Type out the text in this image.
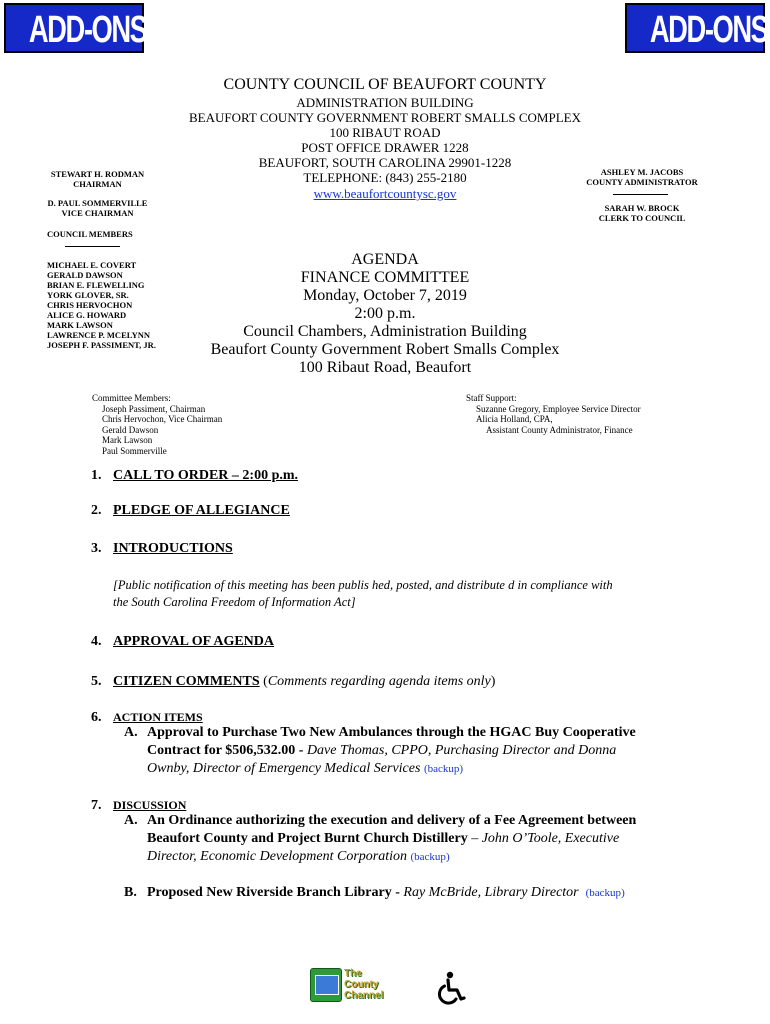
ADD-ONS	ADD-ONS
COUNTY COUNCIL OF BEAUFORT COUNTY
ADMINISTRATION BUILDING
BEAUFORT COUNTY GOVERNMENT ROBERT SMALLS COMPLEX
100 RIBAUT ROAD
POST OFFICE DRAWER 1228
BEAUFORT, SOUTH CAROLINA 29901-1228
TELEPHONE: (843) 255-2180
www.beaufortcountysc.gov
STEWART H. RODMAN
CHAIRMAN
D. PAUL SOMMERVILLE
VICE CHAIRMAN
COUNCIL MEMBERS
MICHAEL E. COVERT
GERALD DAWSON
BRIAN E. FLEWELLING
YORK GLOVER, SR.
CHRIS HERVOCHON
ALICE G. HOWARD
MARK LAWSON
LAWRENCE P. MCELYNN
JOSEPH F. PASSIMENT, JR.
ASHLEY M. JACOBS
COUNTY ADMINISTRATOR
SARAH W. BROCK
CLERK TO COUNCIL
AGENDA
FINANCE COMMITTEE
Monday, October 7, 2019
2:00 p.m.
Council Chambers, Administration Building
Beaufort County Government Robert Smalls Complex
100 Ribaut Road, Beaufort
Committee Members:
Joseph Passiment, Chairman
Chris Hervochon, Vice Chairman
Gerald Dawson
Mark Lawson
Paul Sommerville
Staff Support:
Suzanne Gregory, Employee Service Director
Alicia Holland, CPA,
Assistant County Administrator, Finance
1. CALL TO ORDER – 2:00 p.m.
2. PLEDGE OF ALLEGIANCE
3. INTRODUCTIONS
[Public notification of this meeting has been publis hed, posted, and distribute d in compliance with
the South Carolina Freedom of Information Act]
4. APPROVAL OF AGENDA
5. CITIZEN COMMENTS (Comments regarding agenda items only)
6. ACTION ITEMS
A. Approval to Purchase Two New Ambulances through the HGAC Buy Cooperative
Contract for $506,532.00 - Dave Thomas, CPPO, Purchasing Director and Donna
Ownby, Director of Emergency Medical Services (backup)
7. DISCUSSION
A. An Ordinance authorizing the execution and delivery of a Fee Agreement between
Beaufort County and Project Burnt Church Distillery – John O’Toole, Executive
Director, Economic Development Corporation (backup)
B. Proposed New Riverside Branch Library - Ray McBride, Library Director (backup)
The
County
Channel
